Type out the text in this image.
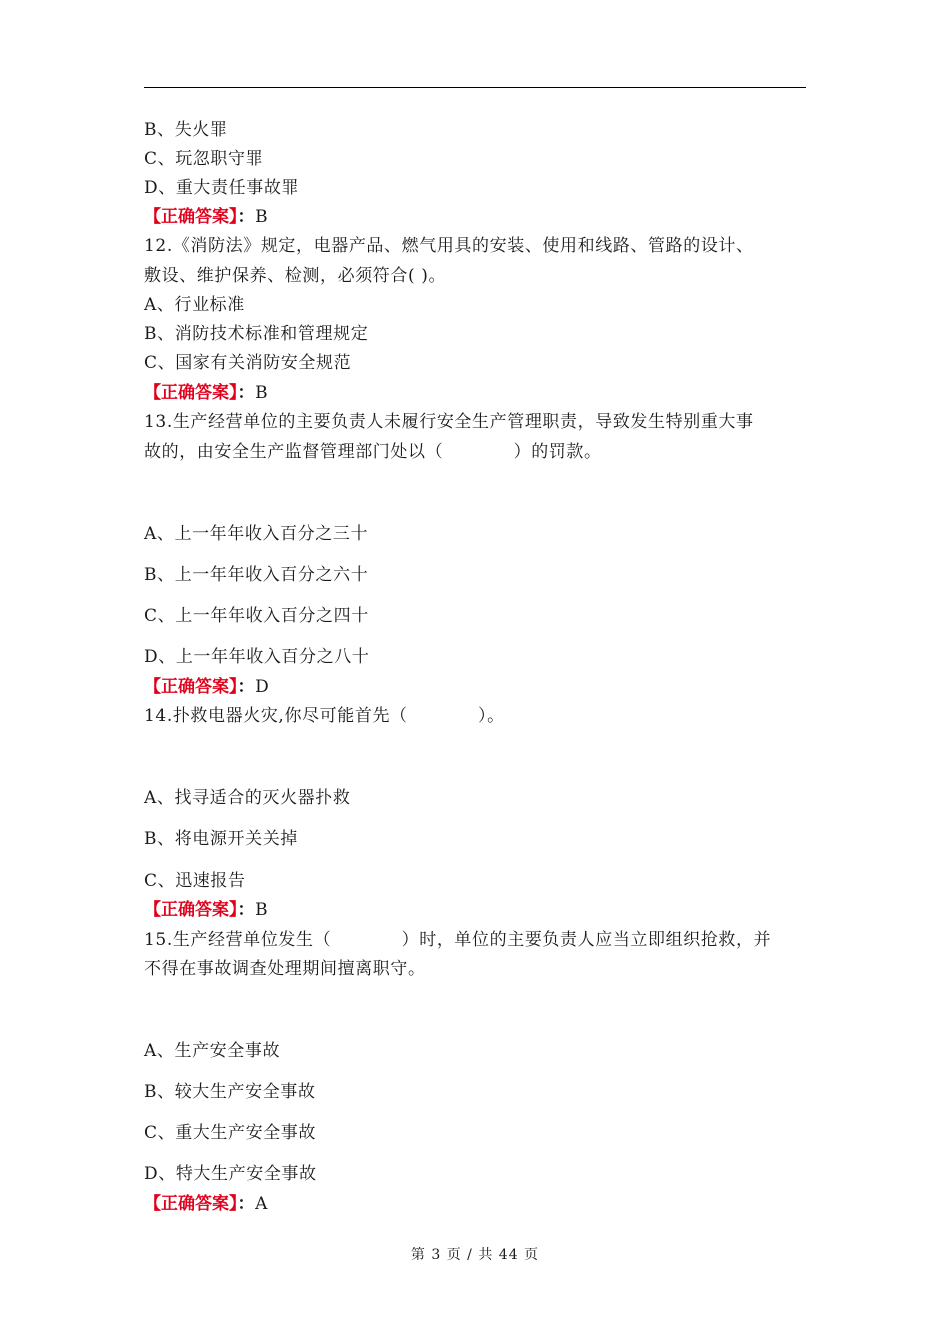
B、失火罪
C、玩忽职守罪
D、重大责任事故罪
【正确答案】：B
12.《消防法》规定，电器产品、燃气用具的安装、使用和线路、管路的设计、
敷设、维护保养、检测，必须符合( )。
A、行业标准
B、消防技术标准和管理规定
C、国家有关消防安全规范
【正确答案】：B
13.生产经营单位的主要负责人未履行安全生产管理职责，导致发生特别重大事
故的，由安全生产监督管理部门处以（　　　　）的罚款。
A、上一年年收入百分之三十
B、上一年年收入百分之六十
C、上一年年收入百分之四十
D、上一年年收入百分之八十
【正确答案】：D
14.扑救电器火灾,你尽可能首先（　　　　）。
A、找寻适合的灭火器扑救
B、将电源开关关掉
C、迅速报告
【正确答案】：B
15.生产经营单位发生（　　　　）时，单位的主要负责人应当立即组织抢救，并
不得在事故调查处理期间擅离职守。
A、生产安全事故
B、较大生产安全事故
C、重大生产安全事故
D、特大生产安全事故
【正确答案】：A
第 3 页 / 共 44 页
